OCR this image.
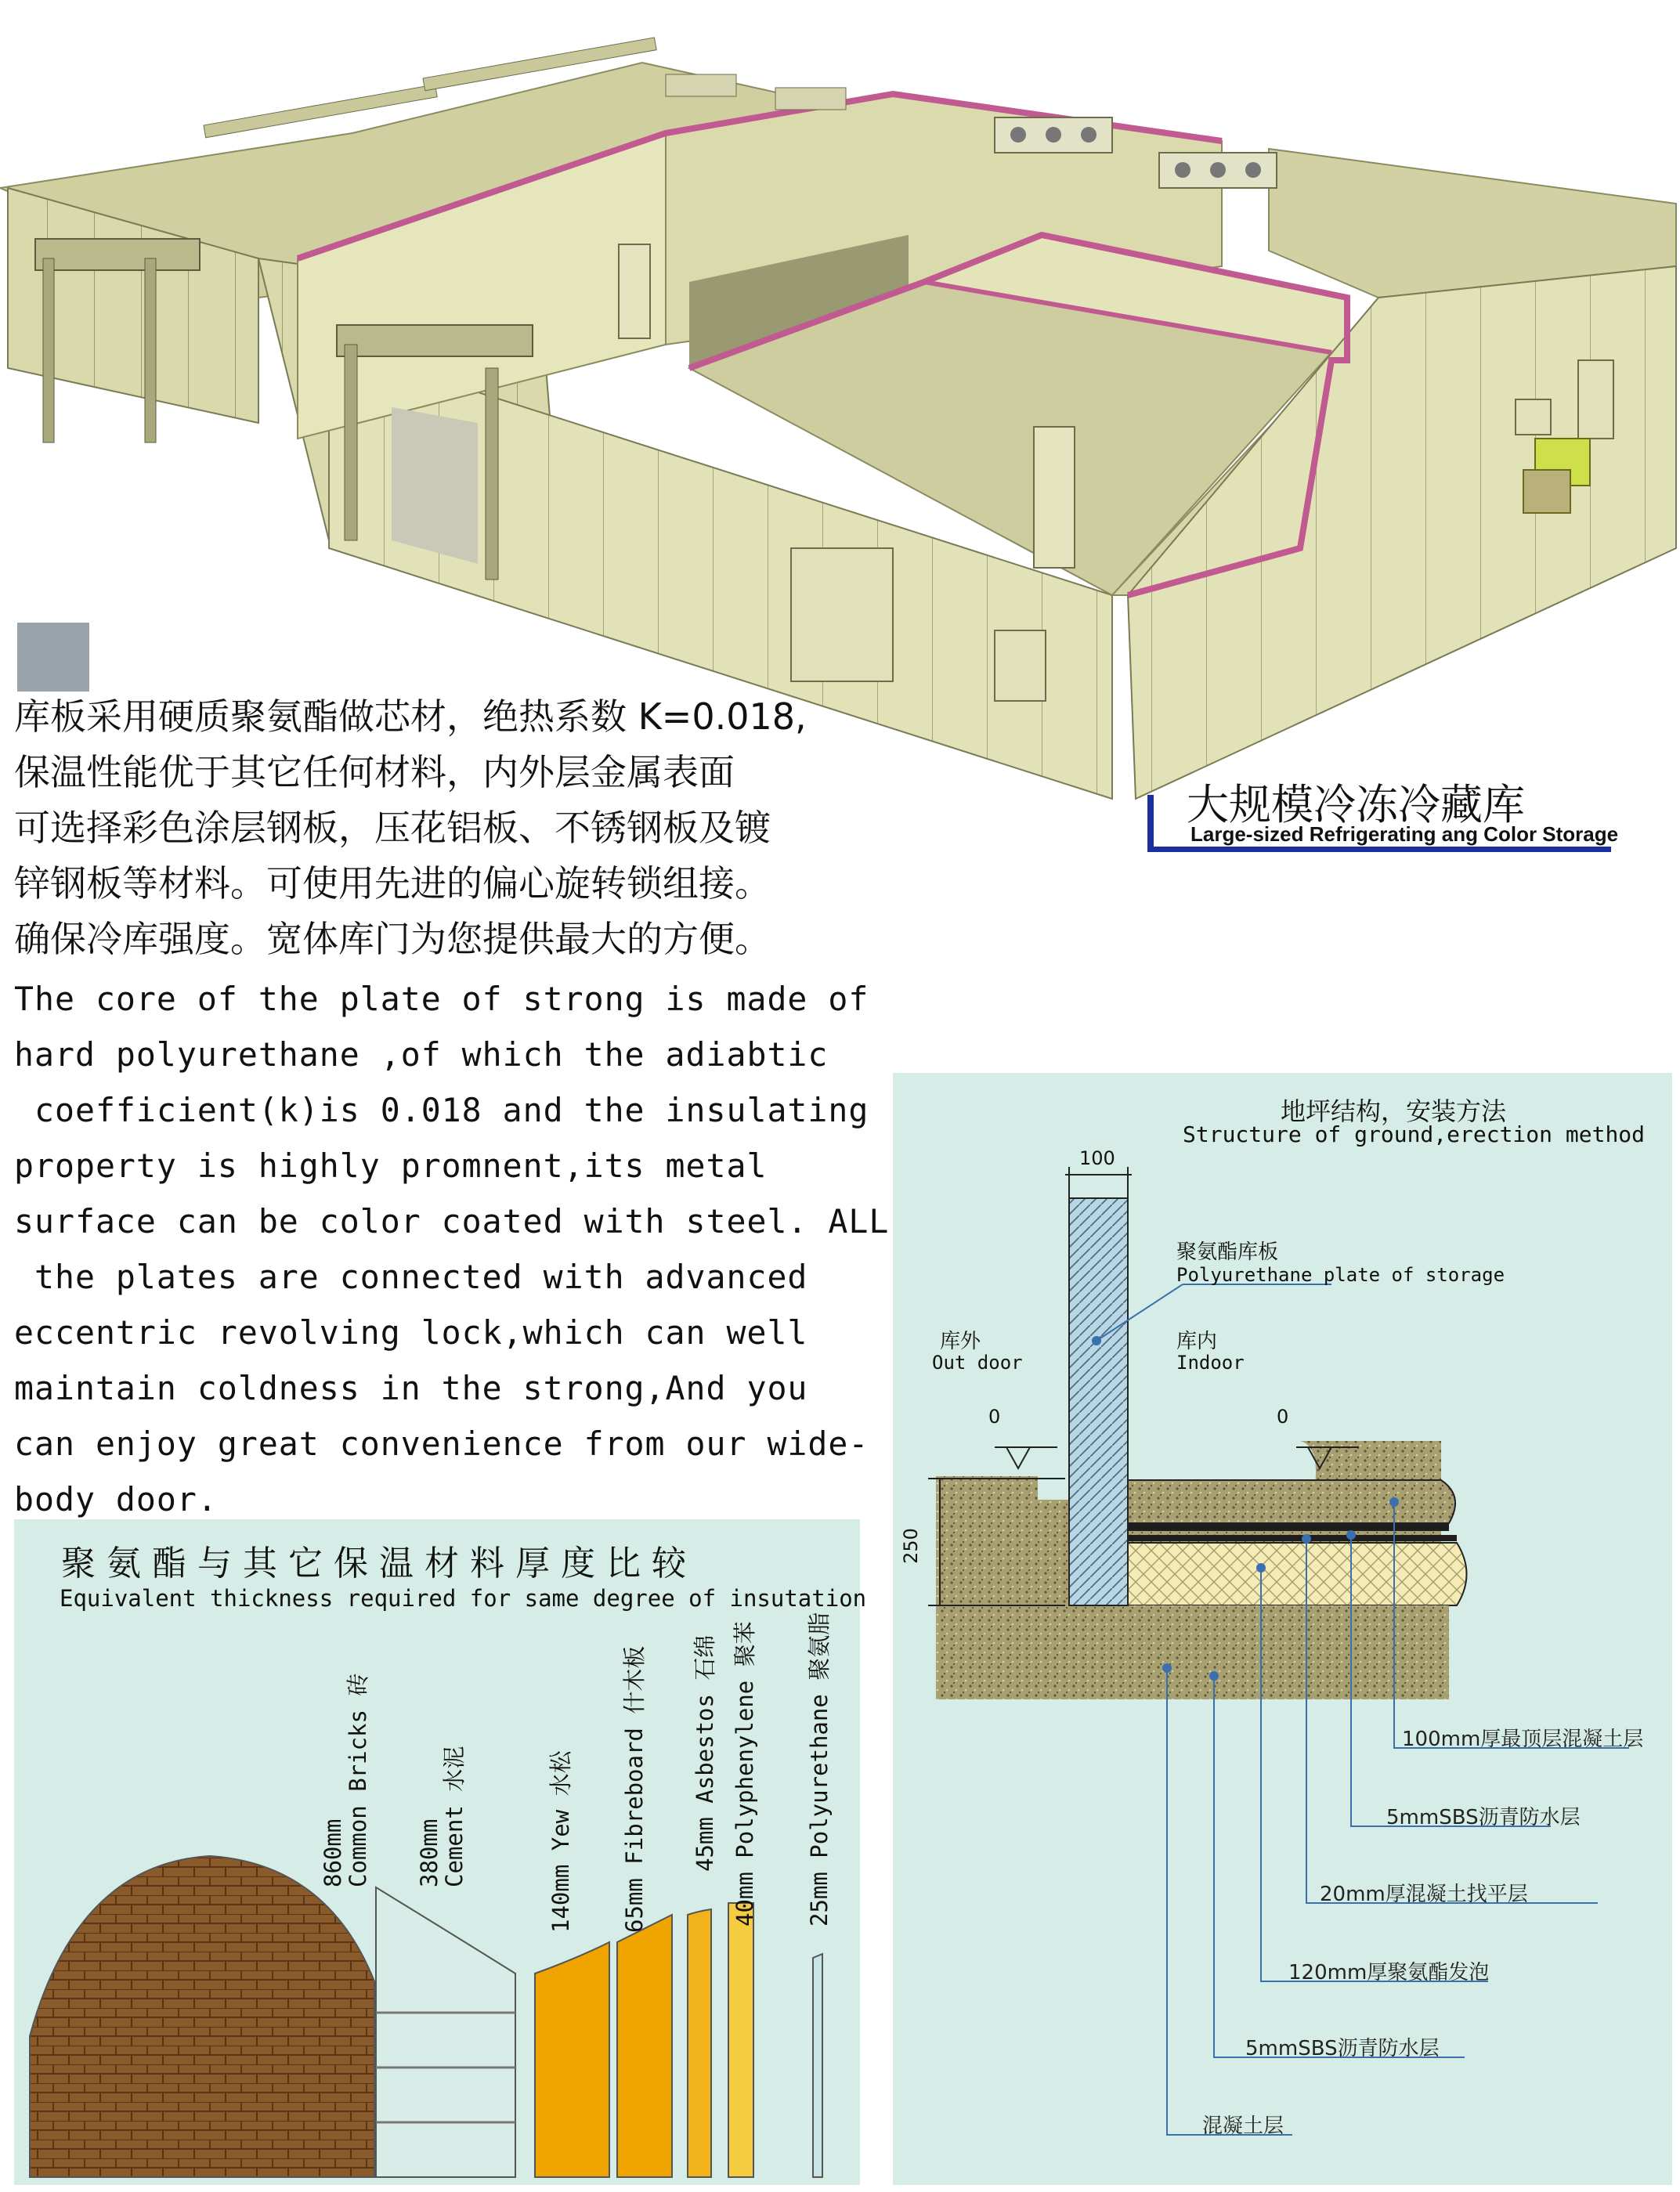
大规模冷冻冷藏库
Large-sized Refrigerating ang Color Storage
库板采用硬质聚氨酯做芯材，绝热系数 K=0.018,
保温性能优于其它任何材料，内外层金属表面
可选择彩色涂层钢板，压花铝板、不锈钢板及镀
锌钢板等材料。可使用先进的偏心旋转锁组接。
确保冷库强度。宽体库门为您提供最大的方便。
The core of the plate of strong is made of
hard polyurethane ,of which the adiabtic
coefficient(k)is 0.018 and the insulating
property is highly promnent,its metal
surface can be color coated with steel. ALL
the plates are connected with advanced
eccentric revolving lock,which can well
maintain coldness in the strong,And you
can enjoy great convenience from our wide-
body door.
聚氨酯与其它保温材料厚度比较
Equivalent thickness required for same degree of insutation
860mmCommon Bricks 砖 380mmCement 水泥	140mm Yew 水松 65mm Fibreboard 什木板 45mm Asbestos 石绵 40mm Polyphenylene 聚苯 25mm Polyurethane 聚氨脂
地坪结构，安装方法
Structure of ground,erection method
100
250
0	0
聚氨酯库板
Polyurethane plate of storage
库外
Out door
库内
Indoor
100mm厚最顶层混凝土层
5mmSBS沥青防水层
20mm厚混凝土找平层
120mm厚聚氨酯发泡
5mmSBS沥青防水层
混凝土层
